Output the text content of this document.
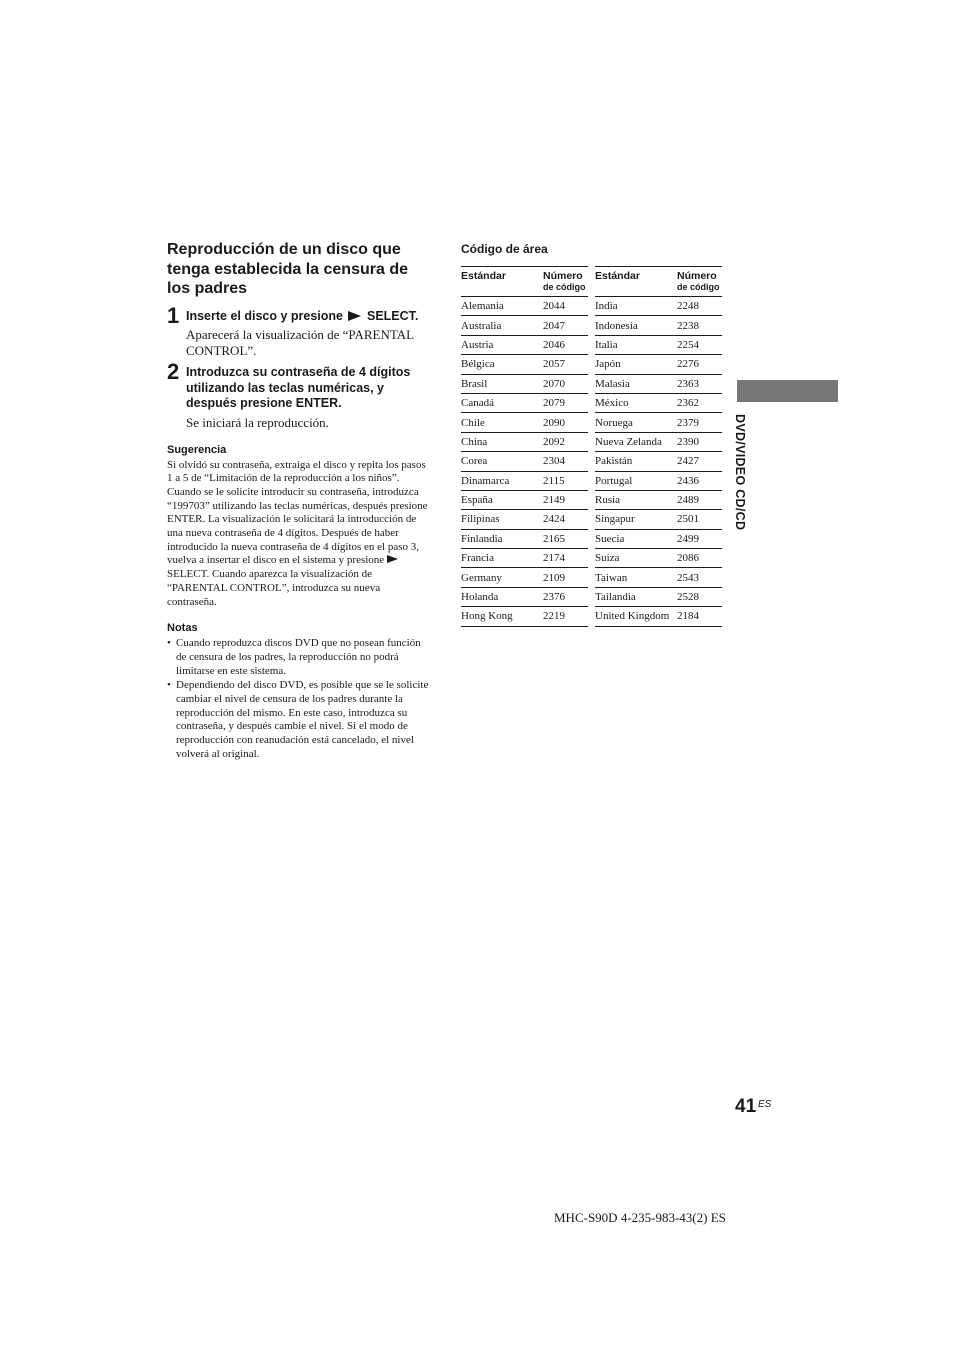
Reproducción de un disco que tenga establecida la censura de los padres
1 Inserte el disco y presione SELECT.
Aparecerá la visualización de “PARENTAL CONTROL”.
2 Introduzca su contraseña de 4 dígitos utilizando las teclas numéricas, y después presione ENTER.
Se iniciará la reproducción.
Sugerencia
Si olvidó su contraseña, extraiga el disco y repita los pasos 1 a 5 de “Limitación de la reproducción a los niños”. Cuando se le solicite introducir su contraseña, introduzca “199703” utilizando las teclas numéricas, después presione ENTER. La visualización le solicitará la introducción de una nueva contraseña de 4 dígitos. Después de haber introducido la nueva contraseña de 4 dígitos en el paso 3, vuelva a insertar el disco en el sistema y presioneSELECT. Cuando aparezca la visualización de “PARENTAL CONTROL”, introduzca su nueva contraseña.
Notas
• Cuando reproduzca discos DVD que no posean función de censura de los padres, la reproducción no podrá limitarse en este sistema.
• Dependiendo del disco DVD, es posible que se le solicite cambiar el nivel de censura de los padres durante la reproducción del mismo. En este caso, introduzca su contraseña, y después cambie el nivel. Si el modo de reproducción con reanudación está cancelado, el nivel volverá al original.
Código de área
Estándar	Número
de código

Alemania	2044
Australia	2047
Austria	2046
Bélgica	2057
Brasil	2070
Canadá	2079
Chile	2090
China	2092
Corea	2304
Dinamarca	2115
España	2149
Filipinas	2424
Finlandia	2165
Francia	2174
Germany	2109
Holanda	2376
Hong Kong	2219
Estándar	Número
de código

India	2248
Indonesia	2238
Italia	2254
Japón	2276
Malasia	2363
México	2362
Noruega	2379
Nueva Zelanda	2390
Pakistán	2427
Portugal	2436
Rusia	2489
Singapur	2501
Suecia	2499
Suiza	2086
Taiwan	2543
Tailandia	2528
United Kingdom	2184
DVD/VIDEO CD/CD
41 ES
MHC-S90D 4-235-983-43(2) ES
